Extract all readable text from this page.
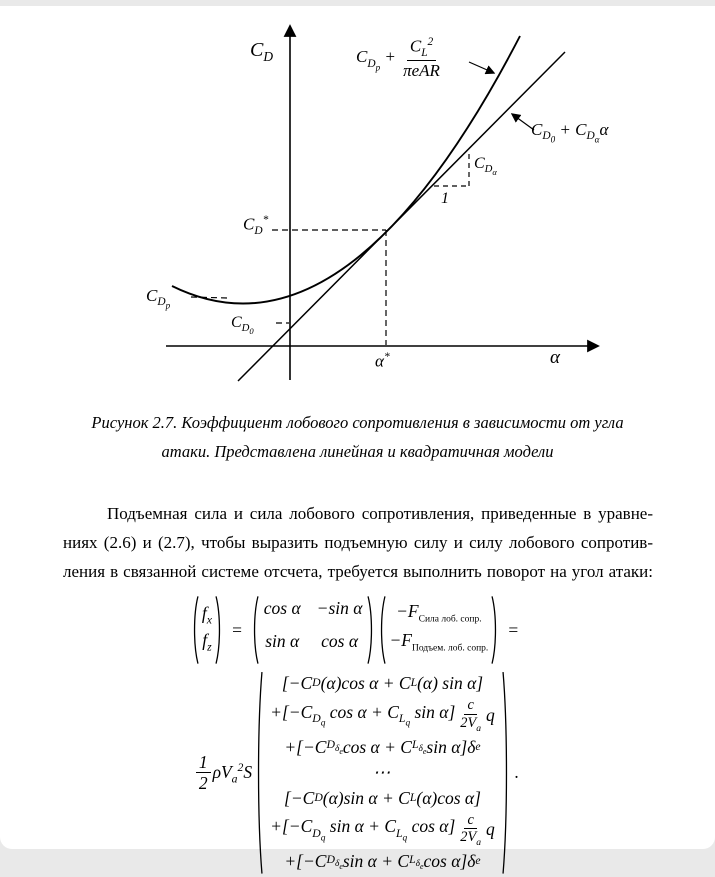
$C_D$
α
$C_{D_p} + \frac{C_L^2}{\text{πeAR}}$
$C_{D_0} + C_{D_\alpha}\alpha$
$C_{D_\alpha}$
1
$C_D^*$
$C_{D_p}$
$C_{D_0}$
α*
Рисунок 2.7. Коэффициент лобового сопротивления в зависимости от угла
атаки. Представлена линейная и квадратичная модели
Подъемная сила и сила лобового сопротивления, приведенные в уравне-
ниях (2.6) и (2.7), чтобы выразить подъемную силу и силу лобового сопротив-
ления в связанной системе отсчета, требуется выполнить поворот на угол атаки:
$f_x$
$f_z$
=
cos α −sin α
sin α cos α
$-F_{Сила лоб. сопр.}$
$-F_{Подъем. лоб. сопр.}$
=
$\frac{1}{2} \rho V_a^2S$
[−C D (α)cos α + C L (α) sin α]
$+[-C_{D_q}$ $\cos \alpha + C_{L_q}$ $\sin \alpha] \frac{c}{2V_a}$ q
+[−C $D_{\delta_e}$ cos α + C $L_{\delta_e}$ sin α]δ e
⋯
[−C D (α)sin α + C L (α)cos α]
$+[-C_{D_q}$ $\sin \alpha + C_{L_q}$ $\cos \alpha] \frac{c}{2V_a}$ q
+[−C $D_{\delta_e}$ sin α + C $L_{\delta_e}$ cos α]δ e
.
